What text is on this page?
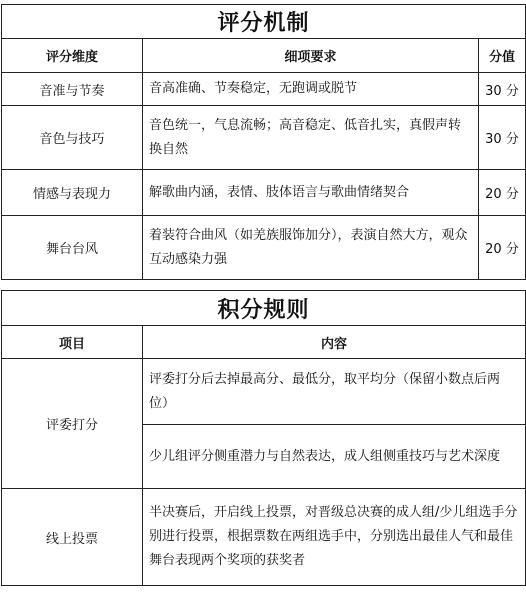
评分机制		
评分维度	细项要求	分值
音准与节奏	音高准确、节奏稳定，无跑调或脱节	30 分
音色与技巧	音色统一，气息流畅；高音稳定、低音扎实，真假声转换自然	30 分
情感与表现力	解歌曲内涵，表情、肢体语言与歌曲情绪契合	20 分
舞台台风	着装符合曲风（如羌族服饰加分），表演自然大方，观众互动感染力强	20 分
积分规则	
项目	内容
评委打分	评委打分后去掉最高分、最低分，取平均分（保留小数点后两位）
	少儿组评分侧重潜力与自然表达，成人组侧重技巧与艺术深度
线上投票	半决赛后，开启线上投票，对晋级总决赛的成人组/少儿组选手分别进行投票，根据票数在两组选手中，分别选出最佳人气和最佳舞台表现两个奖项的获奖者
